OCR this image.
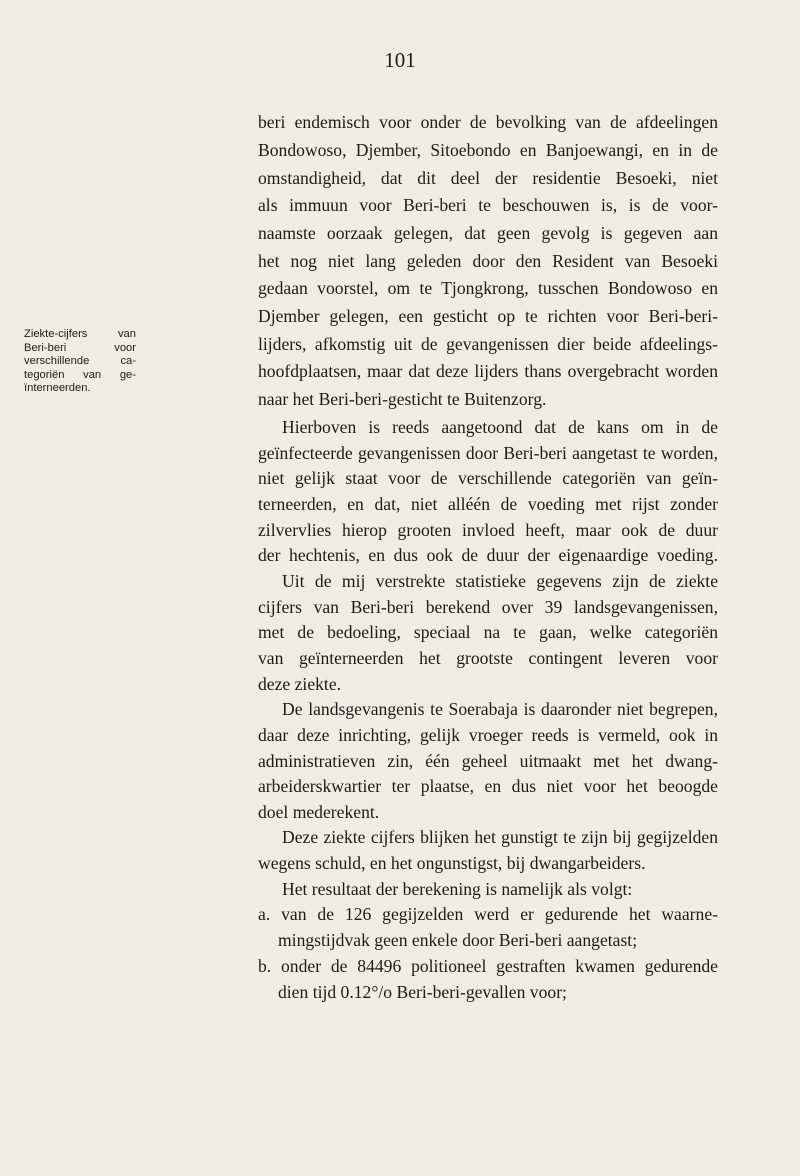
101
Ziekte-cijfers van
Beri-beri voor
verschillende ca-
tegoriën van ge-
ïnterneerden.
beri endemisch voor onder de bevolking van de afdeelingen
Bondowoso, Djember, Sitoebondo en Banjoewangi, en in de
omstandigheid, dat dit deel der residentie Besoeki, niet
als immuun voor Beri-beri te beschouwen is, is de voor-
naamste oorzaak gelegen, dat geen gevolg is gegeven aan
het nog niet lang geleden door den Resident van Besoeki
gedaan voorstel, om te Tjongkrong, tusschen Bondowoso en
Djember gelegen, een gesticht op te richten voor Beri-beri-
lijders, afkomstig uit de gevangenissen dier beide afdeelings-
hoofdplaatsen, maar dat deze lijders thans overgebracht worden
naar het Beri-beri-gesticht te Buitenzorg.
Hierboven is reeds aangetoond dat de kans om in de
geïnfecteerde gevangenissen door Beri-beri aangetast te worden,
niet gelijk staat voor de verschillende categoriën van geïn-
terneerden, en dat, niet alléén de voeding met rijst zonder
zilvervlies hierop grooten invloed heeft, maar ook de duur
der hechtenis, en dus ook de duur der eigenaardige voeding.
Uit de mij verstrekte statistieke gegevens zijn de ziekte
cijfers van Beri-beri berekend over 39 landsgevangenissen,
met de bedoeling, speciaal na te gaan, welke categoriën
van geïnterneerden het grootste contingent leveren voor
deze ziekte.
De landsgevangenis te Soerabaja is daaronder niet begrepen,
daar deze inrichting, gelijk vroeger reeds is vermeld, ook in
administratieven zin, één geheel uitmaakt met het dwang-
arbeiderskwartier ter plaatse, en dus niet voor het beoogde
doel mederekent.
Deze ziekte cijfers blijken het gunstigt te zijn bij gegijzelden
wegens schuld, en het ongunstigst, bij dwangarbeiders.
Het resultaat der berekening is namelijk als volgt:
a. van de 126 gegijzelden werd er gedurende het waarne-
mingstijdvak geen enkele door Beri-beri aangetast;
b. onder de 84496 politioneel gestraften kwamen gedurende
dien tijd 0.12°/o Beri-beri-gevallen voor;
